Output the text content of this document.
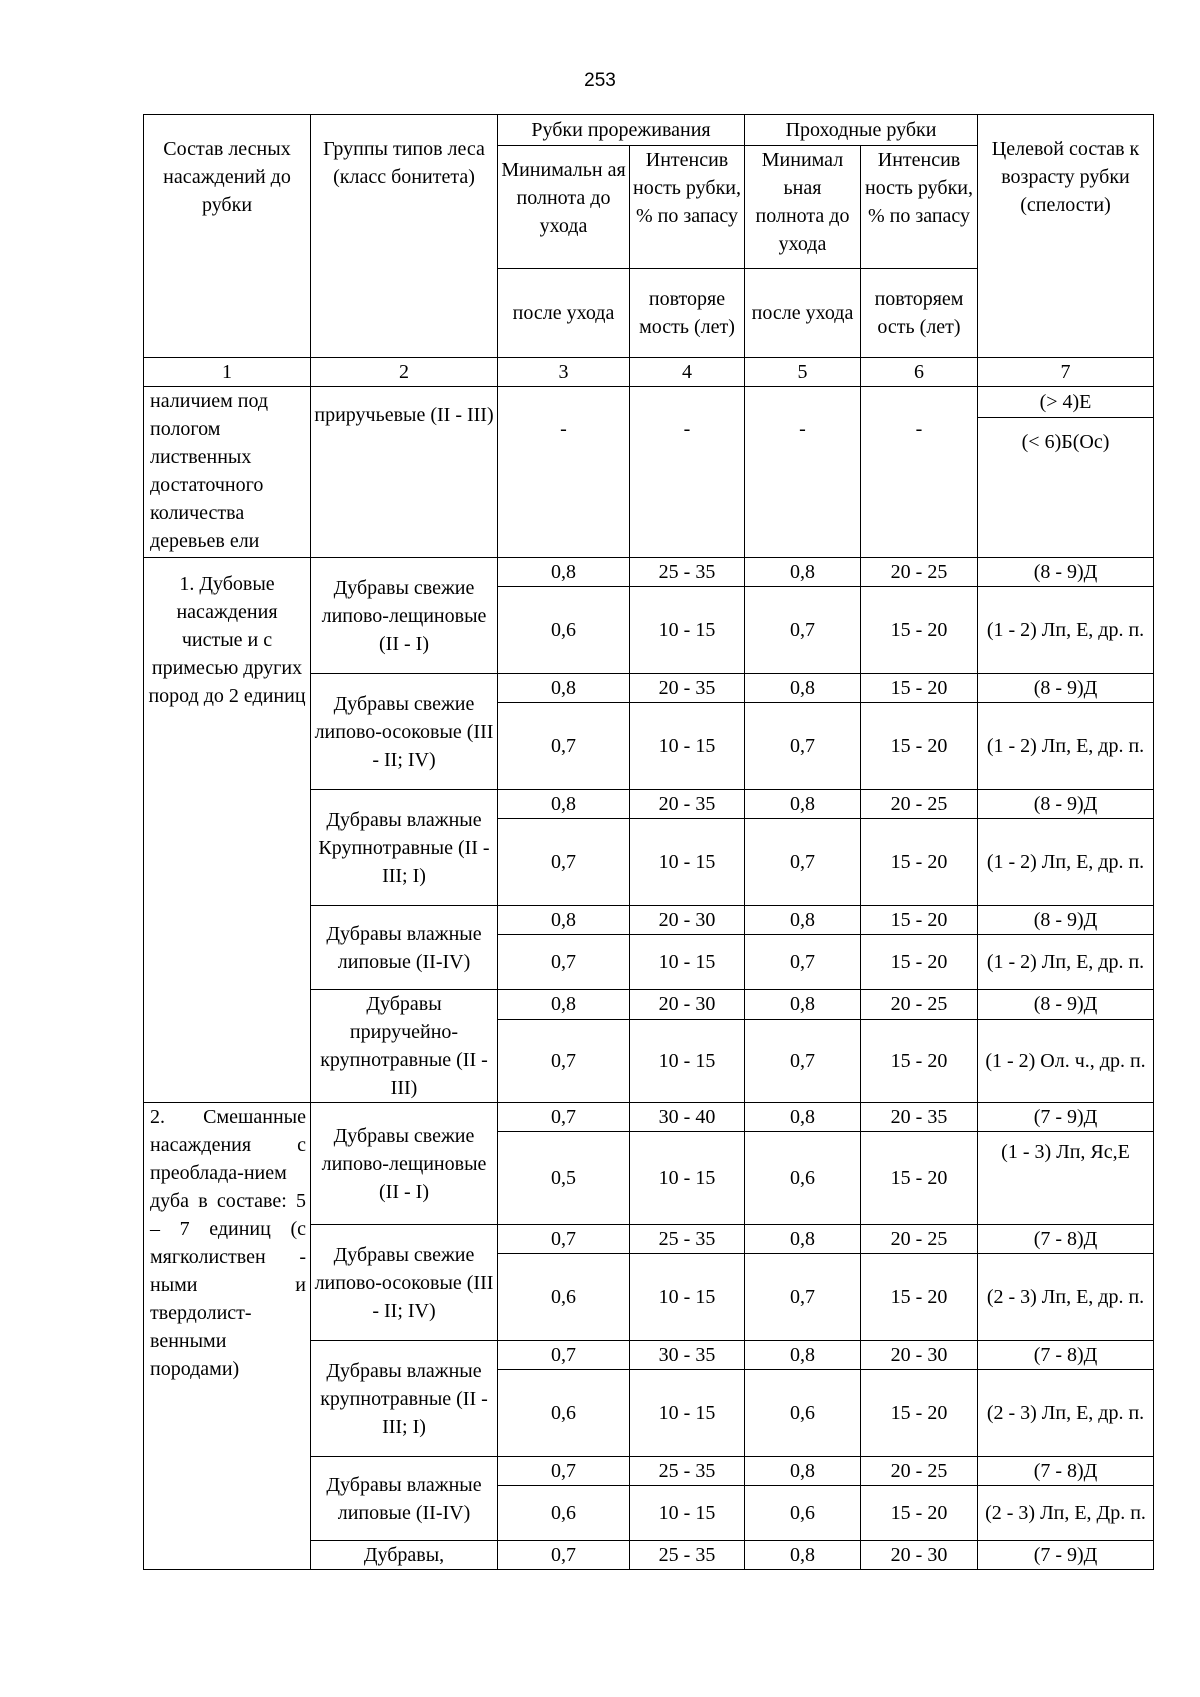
253
Состав лесных насаждений до рубки	Группы типов леса (класс бонитета)	Рубки прореживания		Проходные рубки		Целевой состав к возрасту рубки (спелости)
		Минимальн ая полнота до ухода	Интенсив ность рубки, % по запасу	Минимал ьная полнота до ухода	Интенсив ность рубки, % по запасу	
		после ухода	повторяе мость (лет)	после ухода	повторяем ость (лет)	
1	2	3	4	5	6	7
наличием под пологом лиственных достаточного количества деревьев ели	приручьевые (II - III)	-	-	-	-	(> 4)Е
						(< 6)Б(Ос)
1. Дубовые насаждения чистые и с примесью других пород до 2 единиц	Дубравы свежие липово-лещиновые (II - I)	0,8	25 - 35	0,8	20 - 25	(8 - 9)Д
		0,6	10 - 15	0,7	15 - 20	(1 - 2) Лп, Е, др. п.
	Дубравы свежие липово-осоковые (III - II; IV)	0,8	20 - 35	0,8	15 - 20	(8 - 9)Д
		0,7	10 - 15	0,7	15 - 20	(1 - 2) Лп, Е, др. п.
	Дубравы влажные Крупнотравные (II -III; I)	0,8	20 - 35	0,8	20 - 25	(8 - 9)Д
		0,7	10 - 15	0,7	15 - 20	(1 - 2) Лп, Е, др. п.
	Дубравы влажные липовые (II-IV)	0,8	20 - 30	0,8	15 - 20	(8 - 9)Д
		0,7	10 - 15	0,7	15 - 20	(1 - 2) Лп, Е, др. п.
	Дубравы приручейно-крупнотравные (II - III)	0,8	20 - 30	0,8	20 - 25	(8 - 9)Д
		0,7	10 - 15	0,7	15 - 20	(1 - 2) Ол. ч., др. п.
2. Смешанные насаждения с преоблада-нием дуба в составе: 5 – 7 единиц (с мягколиствен - ными и твердолист-венными породами)	Дубравы свежие липово-лещиновые (II - I)	0,7	30 - 40	0,8	20 - 35	(7 - 9)Д
		0,5	10 - 15	0,6	15 - 20	(1 - 3) Лп, Яс,Е
	Дубравы свежие липово-осоковые (III - II; IV)	0,7	25 - 35	0,8	20 - 25	(7 - 8)Д
		0,6	10 - 15	0,7	15 - 20	(2 - 3) Лп, Е, др. п.
	Дубравы влажные крупнотравные (II -III; I)	0,7	30 - 35	0,8	20 - 30	(7 - 8)Д
		0,6	10 - 15	0,6	15 - 20	(2 - 3) Лп, Е, др. п.
	Дубравы влажные липовые (II-IV)	0,7	25 - 35	0,8	20 - 25	(7 - 8)Д
		0,6	10 - 15	0,6	15 - 20	(2 - 3) Лп, Е, Др. п.
	Дубравы,	0,7	25 - 35	0,8	20 - 30	(7 - 9)Д
